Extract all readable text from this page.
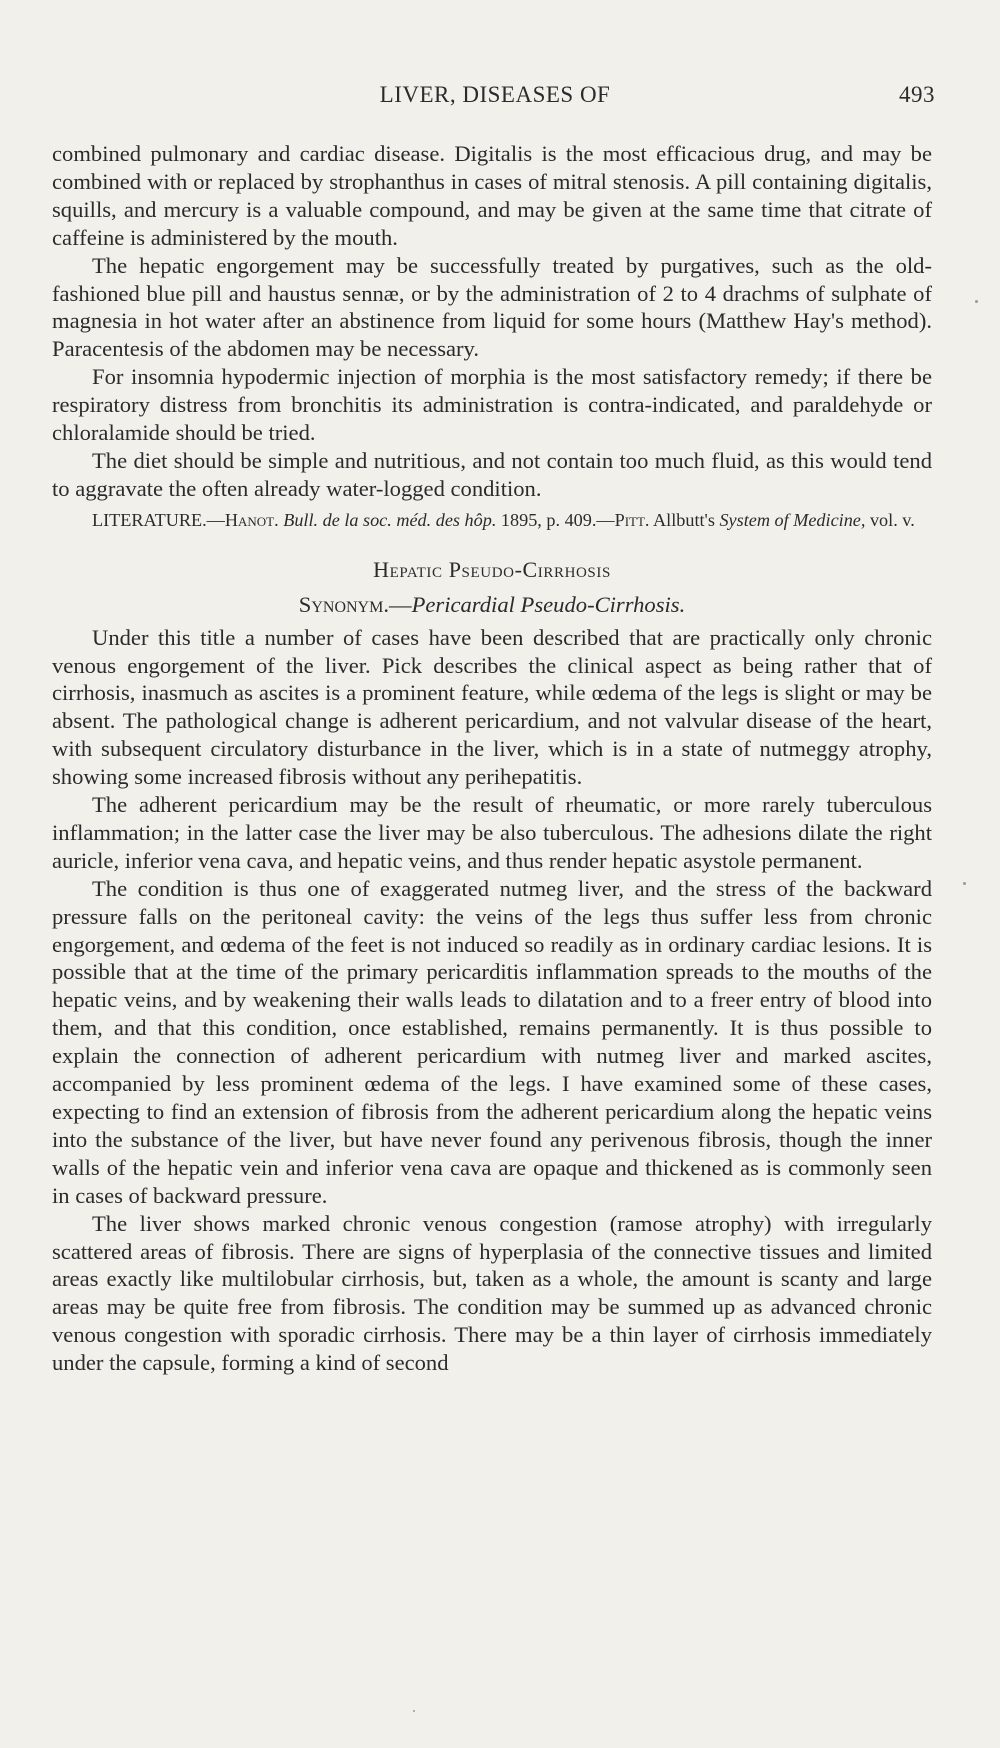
LIVER, DISEASES OF	493

combined pulmonary and cardiac disease. Digitalis is the most efficacious drug, and may be combined with or replaced by strophanthus in cases of mitral stenosis. A pill containing digitalis, squills, and mercury is a valuable compound, and may be given at the same time that citrate of caffeine is administered by the mouth.

The hepatic engorgement may be successfully treated by purgatives, such as the old-fashioned blue pill and haustus sennæ, or by the administration of 2 to 4 drachms of sulphate of magnesia in hot water after an abstinence from liquid for some hours (Matthew Hay's method). Paracentesis of the abdomen may be necessary.

For insomnia hypodermic injection of morphia is the most satisfactory remedy; if there be respiratory distress from bronchitis its administration is contra-indicated, and paraldehyde or chloralamide should be tried.

The diet should be simple and nutritious, and not contain too much fluid, as this would tend to aggravate the often already water-logged condition.

LITERATURE.—Hanot. Bull. de la soc. méd. des hôp. 1895, p. 409.—Pitt. Allbutt's System of Medicine, vol. v.

Hepatic Pseudo-Cirrhosis

Synonym.—Pericardial Pseudo-Cirrhosis.

Under this title a number of cases have been described that are practically only chronic venous engorgement of the liver. Pick describes the clinical aspect as being rather that of cirrhosis, inasmuch as ascites is a prominent feature, while œdema of the legs is slight or may be absent. The pathological change is adherent pericardium, and not valvular disease of the heart, with subsequent circulatory disturbance in the liver, which is in a state of nutmeggy atrophy, showing some increased fibrosis without any perihepatitis.

The adherent pericardium may be the result of rheumatic, or more rarely tuberculous inflammation; in the latter case the liver may be also tuberculous. The adhesions dilate the right auricle, inferior vena cava, and hepatic veins, and thus render hepatic asystole permanent.

The condition is thus one of exaggerated nutmeg liver, and the stress of the backward pressure falls on the peritoneal cavity: the veins of the legs thus suffer less from chronic engorgement, and œdema of the feet is not induced so readily as in ordinary cardiac lesions. It is possible that at the time of the primary pericarditis inflammation spreads to the mouths of the hepatic veins, and by weakening their walls leads to dilatation and to a freer entry of blood into them, and that this condition, once established, remains permanently. It is thus possible to explain the connection of adherent pericardium with nutmeg liver and marked ascites, accompanied by less prominent œdema of the legs. I have examined some of these cases, expecting to find an extension of fibrosis from the adherent pericardium along the hepatic veins into the substance of the liver, but have never found any perivenous fibrosis, though the inner walls of the hepatic vein and inferior vena cava are opaque and thickened as is commonly seen in cases of backward pressure.

The liver shows marked chronic venous congestion (ramose atrophy) with irregularly scattered areas of fibrosis. There are signs of hyperplasia of the connective tissues and limited areas exactly like multilobular cirrhosis, but, taken as a whole, the amount is scanty and large areas may be quite free from fibrosis. The condition may be summed up as advanced chronic venous congestion with sporadic cirrhosis. There may be a thin layer of cirrhosis immediately under the capsule, forming a kind of second
